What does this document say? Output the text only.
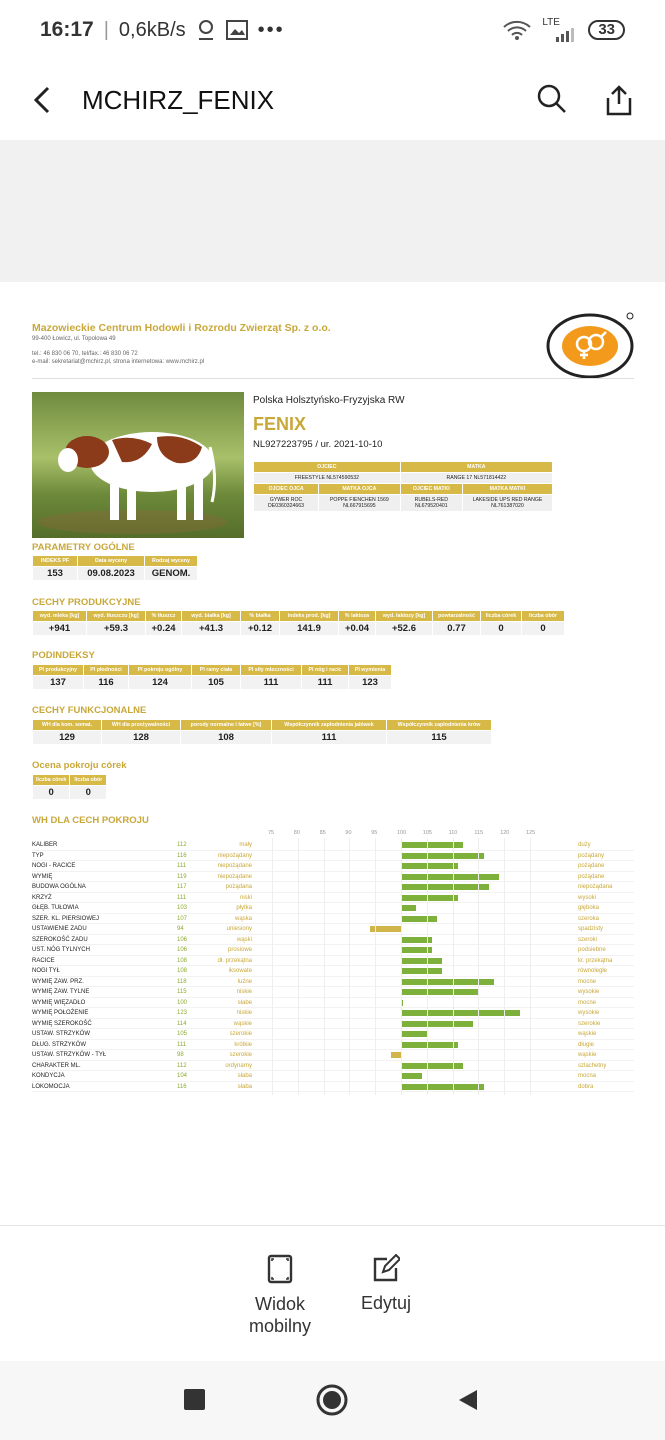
16:17 | 0,6kB/s	•••	LTE	33
MCHIRZ_FENIX
Mazowieckie Centrum Hodowli i Rozrodu Zwierząt Sp. z o.o.
99-400 Łowicz, ul. Topolowa 49

tel.: 46 830 06 70, tel/fax.: 46 830 06 72
e-mail: sekretariat@mchirz.pl, strona internetowa: www.mchirz.pl
Polska Holsztyńsko-Fryzyjska RW
FENIX
NL927223795 / ur. 2021-10-10
OJCIEC		MATKA	
FREESTYLE NL574590532		RANGE 17 NL571814422	
OJCIEC OJCA	MATKA OJCA	OJCIEC MATKI	MATKA MATKI
GYWER ROC DE0360324663	POPPE FIENCHEN 1569 NL667915695	RUBELS-RED NL679520401	LAKESIDE UPS RED RANGE NL761387020
PARAMETRY OGÓLNE
INDEKS PF	Data wyceny	Rodzaj wyceny
153	09.08.2023	GENOM.
CECHY PRODUKCYJNE
wyd. mleka [kg]	wyd. tłuszczu [kg]	% tłuszcz	wyd. białka [kg]	% białka	indeks prod. [kg]	% laktoza	wyd. laktozy [kg]	powtarzalność	liczba córek	liczba obór
+941	+59.3	+0.24	+41.3	+0.12	141.9	+0.04	+52.6	0.77	0	0
PODINDEKSY
PI produkcyjny	PI płodności	PI pokroju ogólny	PI ramy ciała	PI siły mleczności	PI nóg i racic	PI wymienia
137	116	124	105	111	111	123
CECHY FUNKCJONALNE
WH dla kom. somat.	WH dla przeżywalności	porody normalne i łatwe [%]	Współczynnik zapłodnienia jałówek	Współczynnik zapłodnienia krów
129	128	108	111	115
Ocena pokroju córek
liczba córek	liczba obór
0	0
WH DLA CECH POKROJU
75	80	85	90	95	100	105	110	115	120	125
KALIBER	112	mały	duży
TYP	116	niepożądany	pożądany
NOGI - RACICE	111	niepożądane	pożądane
WYMIĘ	119	niepożądane	pożądane
BUDOWA OGÓLNA	117	pożądana	niepożądana
KRZYŻ	111	niski	wysoki
GŁĘB. TUŁOWIA	103	płytka	głęboka
SZER. KL. PIERSIOWEJ	107	wąska	szeroka
USTAWIENIE ZADU	94	uniesiony	spadzisty
SZEROKOŚĆ ZADU	106	wąski	szeroki
UST. NÓG TYLNYCH	106	prosiowe	podsiebne
RACICE	108	dł. przekątna	kr. przekątna
NOGI TYŁ	108	iksowate	równoległe
WYMIĘ ZAW. PRZ.	118	luźne	mocne
WYMIĘ ZAW. TYLNE	115	niskie	wysokie
WYMIĘ WIĘZADŁO	100	słabe	mocne
WYMIĘ POŁOŻENIE	123	niskie	wysokie
WYMIĘ SZEROKOŚĆ	114	wąskie	szerokie
USTAW. STRZYKÓW	105	szerokie	wąskie
DŁUG. STRZYKÓW	111	krótkie	długie
USTAW. STRZYKÓW - TYŁ	98	szerokie	wąskie
CHARAKTER ML.	112	ordynarny	szlachetny
KONDYCJA	104	słaba	mocna
LOKOMOCJA	116	słaba	dobra
Widok
mobilny
Edytuj
